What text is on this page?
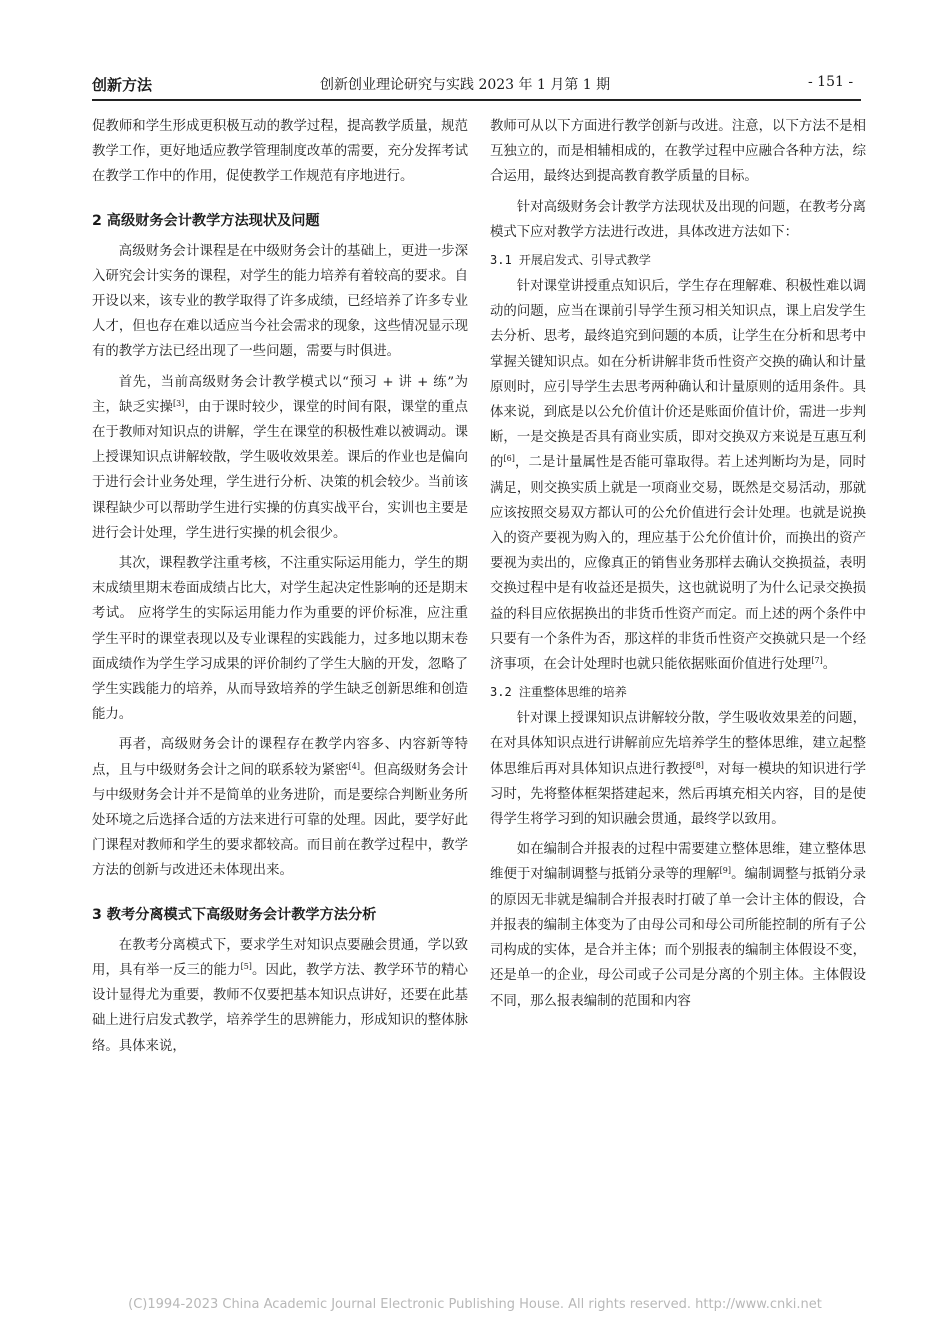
创新方法	创新创业理论研究与实践 2023 年 1 月第 1 期	- 151 -

促教师和学生形成更积极互动的教学过程，提高教学质量，规范教学工作，更好地适应教学管理制度改革的需要，充分发挥考试在教学工作中的作用，促使教学工作规范有序地进行。

2 高级财务会计教学方法现状及问题

高级财务会计课程是在中级财务会计的基础上，更进一步深入研究会计实务的课程，对学生的能力培养有着较高的要求。自开设以来，该专业的教学取得了许多成绩，已经培养了许多专业人才，但也存在难以适应当今社会需求的现象，这些情况显示现有的教学方法已经出现了一些问题，需要与时俱进。

首先，当前高级财务会计教学模式以“预习 + 讲 + 练”为主，缺乏实操[3]，由于课时较少，课堂的时间有限，课堂的重点在于教师对知识点的讲解，学生在课堂的积极性难以被调动。课上授课知识点讲解较散，学生吸收效果差。课后的作业也是偏向于进行会计业务处理，学生进行分析、决策的机会较少。当前该课程缺少可以帮助学生进行实操的仿真实战平台，实训也主要是进行会计处理，学生进行实操的机会很少。

其次，课程教学注重考核，不注重实际运用能力，学生的期末成绩里期末卷面成绩占比大，对学生起决定性影响的还是期末考试。 应将学生的实际运用能力作为重要的评价标准，应注重学生平时的课堂表现以及专业课程的实践能力，过多地以期末卷面成绩作为学生学习成果的评价制约了学生大脑的开发，忽略了学生实践能力的培养，从而导致培养的学生缺乏创新思维和创造能力。

再者，高级财务会计的课程存在教学内容多、内容新等特点，且与中级财务会计之间的联系较为紧密[4]。但高级财务会计与中级财务会计并不是简单的业务进阶，而是要综合判断业务所处环境之后选择合适的方法来进行可靠的处理。因此，要学好此门课程对教师和学生的要求都较高。而目前在教学过程中，教学方法的创新与改进还未体现出来。

3 教考分离模式下高级财务会计教学方法分析

在教考分离模式下，要求学生对知识点要融会贯通，学以致用，具有举一反三的能力[5]。因此，教学方法、教学环节的精心设计显得尤为重要，教师不仅要把基本知识点讲好，还要在此基础上进行启发式教学，培养学生的思辨能力，形成知识的整体脉络。具体来说，

教师可从以下方面进行教学创新与改进。注意，以下方法不是相互独立的，而是相辅相成的，在教学过程中应融合各种方法，综合运用，最终达到提高教育教学质量的目标。

针对高级财务会计教学方法现状及出现的问题，在教考分离模式下应对教学方法进行改进，具体改进方法如下：

3.1 开展启发式、引导式教学

针对课堂讲授重点知识后，学生存在理解难、积极性难以调动的问题，应当在课前引导学生预习相关知识点，课上启发学生去分析、思考，最终追究到问题的本质，让学生在分析和思考中掌握关键知识点。如在分析讲解非货币性资产交换的确认和计量原则时，应引导学生去思考两种确认和计量原则的适用条件。具体来说，到底是以公允价值计价还是账面价值计价，需进一步判断，一是交换是否具有商业实质，即对交换双方来说是互惠互利的[6]，二是计量属性是否能可靠取得。若上述判断均为是，同时满足，则交换实质上就是一项商业交易，既然是交易活动，那就应该按照交易双方都认可的公允价值进行会计处理。也就是说换入的资产要视为购入的，理应基于公允价值计价，而换出的资产要视为卖出的，应像真正的销售业务那样去确认交换损益，表明交换过程中是有收益还是损失，这也就说明了为什么记录交换损益的科目应依据换出的非货币性资产而定。而上述的两个条件中只要有一个条件为否，那这样的非货币性资产交换就只是一个经济事项，在会计处理时也就只能依据账面价值进行处理[7]。

3.2 注重整体思维的培养

针对课上授课知识点讲解较分散，学生吸收效果差的问题，在对具体知识点进行讲解前应先培养学生的整体思维，建立起整体思维后再对具体知识点进行教授[8]，对每一模块的知识进行学习时，先将整体框架搭建起来，然后再填充相关内容，目的是使得学生将学习到的知识融会贯通，最终学以致用。

如在编制合并报表的过程中需要建立整体思维，建立整体思维便于对编制调整与抵销分录等的理解[9]。编制调整与抵销分录的原因无非就是编制合并报表时打破了单一会计主体的假设，合并报表的编制主体变为了由母公司和母公司所能控制的所有子公司构成的实体，是合并主体；而个别报表的编制主体假设不变，还是单一的企业，母公司或子公司是分离的个别主体。主体假设不同，那么报表编制的范围和内容

(C)1994-2023 China Academic Journal Electronic Publishing House. All rights reserved. http://www.cnki.net
